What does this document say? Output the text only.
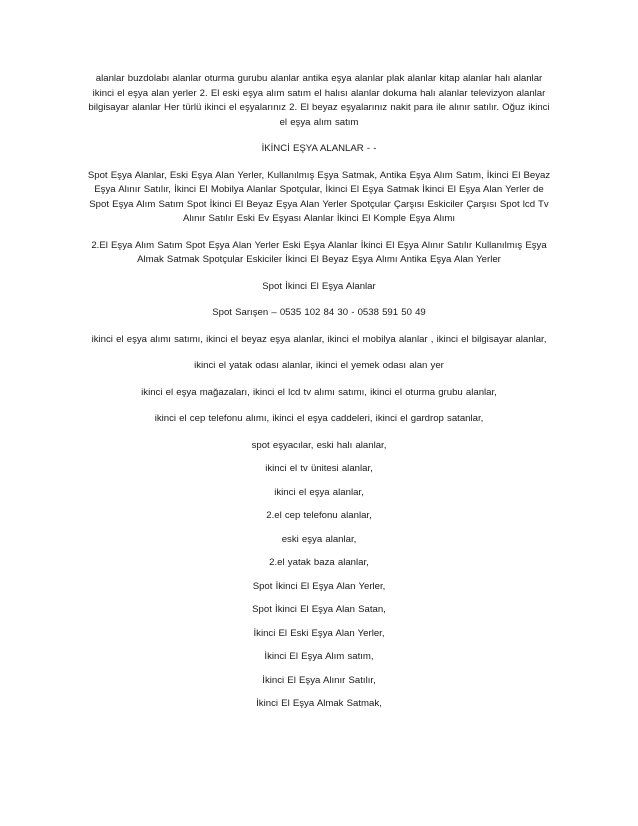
alanlar buzdolabı alanlar oturma gurubu alanlar antika eşya alanlar plak alanlar kitap alanlar halı alanlar ikinci el eşya alan yerler 2. El eski eşya alım satım el halısı alanlar dokuma halı alanlar televizyon alanlar bilgisayar alanlar Her türlü ikinci el eşyalarınız 2. El beyaz eşyalarınız nakit para ile alınır satılır. Oğuz ikinci el eşya alım satım

İKİNCİ EŞYA ALANLAR - -

Spot Eşya Alanlar, Eski Eşya Alan Yerler, Kullanılmış Eşya Satmak, Antika Eşya Alım Satım, İkinci El Beyaz Eşya Alınır Satılır, İkinci El Mobilya Alanlar Spotçular, İkinci El Eşya Satmak İkinci El Eşya Alan Yerler de Spot Eşya Alım Satım Spot İkinci El Beyaz Eşya Alan Yerler Spotçular Çarşısı Eskiciler Çarşısı Spot lcd Tv Alınır Satılır Eski Ev Eşyası Alanlar İkinci El Komple Eşya Alımı

2.El Eşya Alım Satım Spot Eşya Alan Yerler Eski Eşya Alanlar İkinci El Eşya Alınır Satılır Kullanılmış Eşya Almak Satmak Spotçular Eskiciler İkinci El Beyaz Eşya Alımı Antika Eşya Alan Yerler

Spot İkinci El Eşya Alanlar

Spot Sarışen – 0535 102 84 30 - 0538 591 50 49

ikinci el eşya alımı satımı, ikinci el beyaz eşya alanlar, ikinci el mobilya alanlar , ikinci el bilgisayar alanlar,

ikinci el yatak odası alanlar, ikinci el yemek odası alan yer

ikinci el eşya mağazaları, ikinci el lcd tv alımı satımı, ikinci el oturma grubu alanlar,

ikinci el cep telefonu alımı, ikinci el eşya caddeleri, ikinci el gardrop satanlar,

spot eşyacılar, eski halı alanlar,

ikinci el tv ünitesi alanlar,

ikinci el eşya alanlar,

2.el cep telefonu alanlar,

eski eşya alanlar,

2.el yatak baza alanlar,

Spot İkinci El Eşya Alan Yerler,

Spot İkinci El Eşya Alan Satan,

İkinci El Eski Eşya Alan Yerler,

İkinci El Eşya Alım satım,

İkinci El Eşya Alınır Satılır,

İkinci El Eşya Almak Satmak,
